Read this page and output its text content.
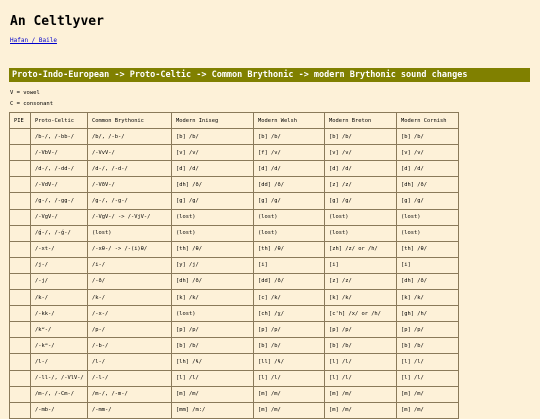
An Celtlyver
Hafan / Baile
Proto-Indo-European -> Proto-Celtic -> Common Brythonic -> modern Brythonic sound changes
V = vowel
C = consonant
PIE	Proto-Celtic	Common Brythonic	Modern Iniseg	Modern Welsh	Modern Breton	Modern Cornish
	/b-/, /-bb-/	/b/, /-b-/	[b] /b/	[b] /b/	[b] /b/	[b] /b/
	/-VbV-/	/-VvV-/	[v] /v/	[f] /v/	[v] /v/	[v] /v/
	/d-/, /-dd-/	/d-/, /-d-/	[d] /d/	[d] /d/	[d] /d/	[d] /d/
	/-VdV-/	/-VðV-/	[dh] /ð/	[dd] /ð/	[z] /z/	[dh] /ð/
	/g-/, /-gg-/	/g-/, /-g-/	[g] /g/	[g] /g/	[g] /g/	[g] /g/
	/-VgV-/	/-VgV-/ -> /-VjV-/	(lost)	(lost)	(lost)	(lost)
	/ǵ-/, /-ǵ-/	(lost)	(lost)	(lost)	(lost)	(lost)
	/-xt-/	/-xθ-/ -> /-(i)θ/	[th] /θ/	[th] /θ/	[zh] /z/ or /h/	[th] /θ/
	/j-/	/i-/	[y] /j/	[i]	[i]	[i]
	/-j/	/-ð/	[dh] /ð/	[dd] /ð/	[z] /z/	[dh] /ð/
	/k-/	/k-/	[k] /k/	[c] /k/	[k] /k/	[k] /k/
	/-kk-/	/-x-/	(lost)	[ch] /χ/	[c'h] /x/ or /h/	[gh] /h/
	/kʷ-/	/p-/	[p] /p/	[p] /p/	[p] /p/	[p] /p/
	/-kʷ-/	/-b-/	[b] /b/	[b] /b/	[b] /b/	[b] /b/
	/l-/	/l-/	[lh] /ɬ/	[ll] /ɬ/	[l] /l/	[l] /l/
	/-ll-/, /-VlV-/	/-l-/	[l] /l/	[l] /l/	[l] /l/	[l] /l/
	/m-/, /-Cm-/	/m-/, /-m-/	[m] /m/	[m] /m/	[m] /m/	[m] /m/
	/-mb-/	/-mm-/	[mm] /m:/	[m] /m/	[m] /m/	[m] /m/
